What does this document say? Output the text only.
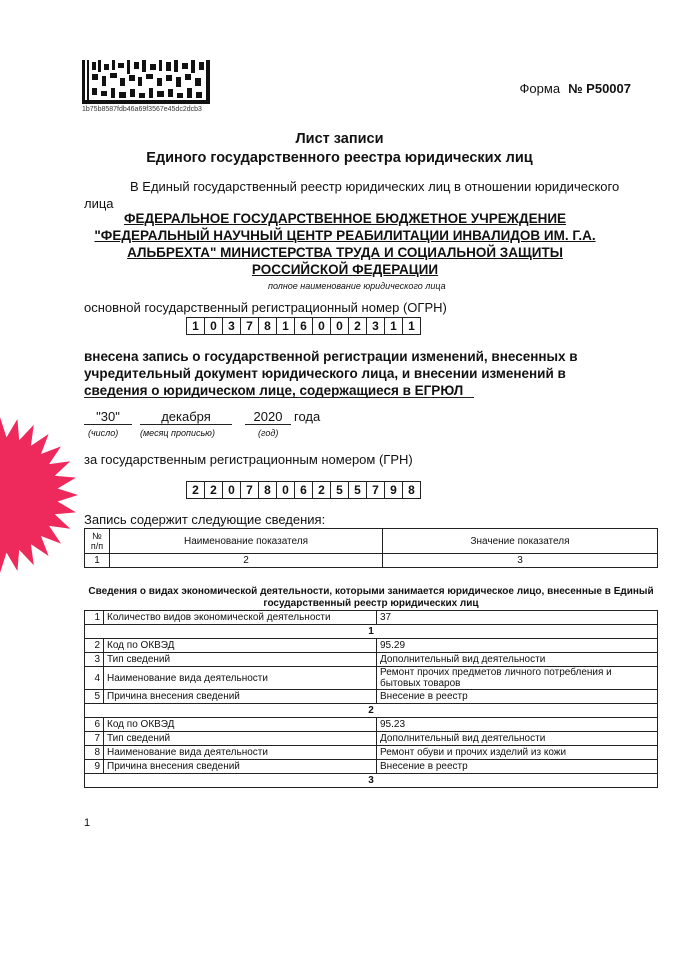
1b75b8587fdb46a69f3567e45dc2dcb3
Форма № Р50007
Лист записи
Единого государственного реестра юридических лиц
В Единый государственный реестр юридических лиц в отношении юридического
лица
ФЕДЕРАЛЬНОЕ ГОСУДАРСТВЕННОЕ БЮДЖЕТНОЕ УЧРЕЖДЕНИЕ
"ФЕДЕРАЛЬНЫЙ НАУЧНЫЙ ЦЕНТР РЕАБИЛИТАЦИИ ИНВАЛИДОВ ИМ. Г.А.
АЛЬБРЕХТА" МИНИСТЕРСТВА ТРУДА И СОЦИАЛЬНОЙ ЗАЩИТЫ
РОССИЙСКОЙ ФЕДЕРАЦИИ
полное наименование юридического лица
основной государственный регистрационный номер (ОГРН)
1 0 3 7 8 1 6 0 0 2 3 1 1
внесена запись о государственной регистрации изменений, внесенных в
учредительный документ юридического лица, и внесении изменений в
сведения о юридическом лице, содержащиеся в ЕГРЮЛ
"30"	декабря	2020 года
(число) (месяц прописью)	(год)
за государственным регистрационным номером (ГРН)
2 2 0 7 8 0 6 2 5 5 7 9 8
Запись содержит следующие сведения:
№ п/п	Наименование показателя	Значение показателя
1	2	3
Сведения о видах экономической деятельности, которыми занимается юридическое лицо, внесенные в Единый государственный реестр юридических лиц
1	Количество видов экономической деятельности	37
1		
2	Код по ОКВЭД	95.29
3	Тип сведений	Дополнительный вид деятельности
4	Наименование вида деятельности	Ремонт прочих предметов личного потребления и бытовых товаров
5	Причина внесения сведений	Внесение в реестр
2		
6	Код по ОКВЭД	95.23
7	Тип сведений	Дополнительный вид деятельности
8	Наименование вида деятельности	Ремонт обуви и прочих изделий из кожи
9	Причина внесения сведений	Внесение в реестр
3		
1
